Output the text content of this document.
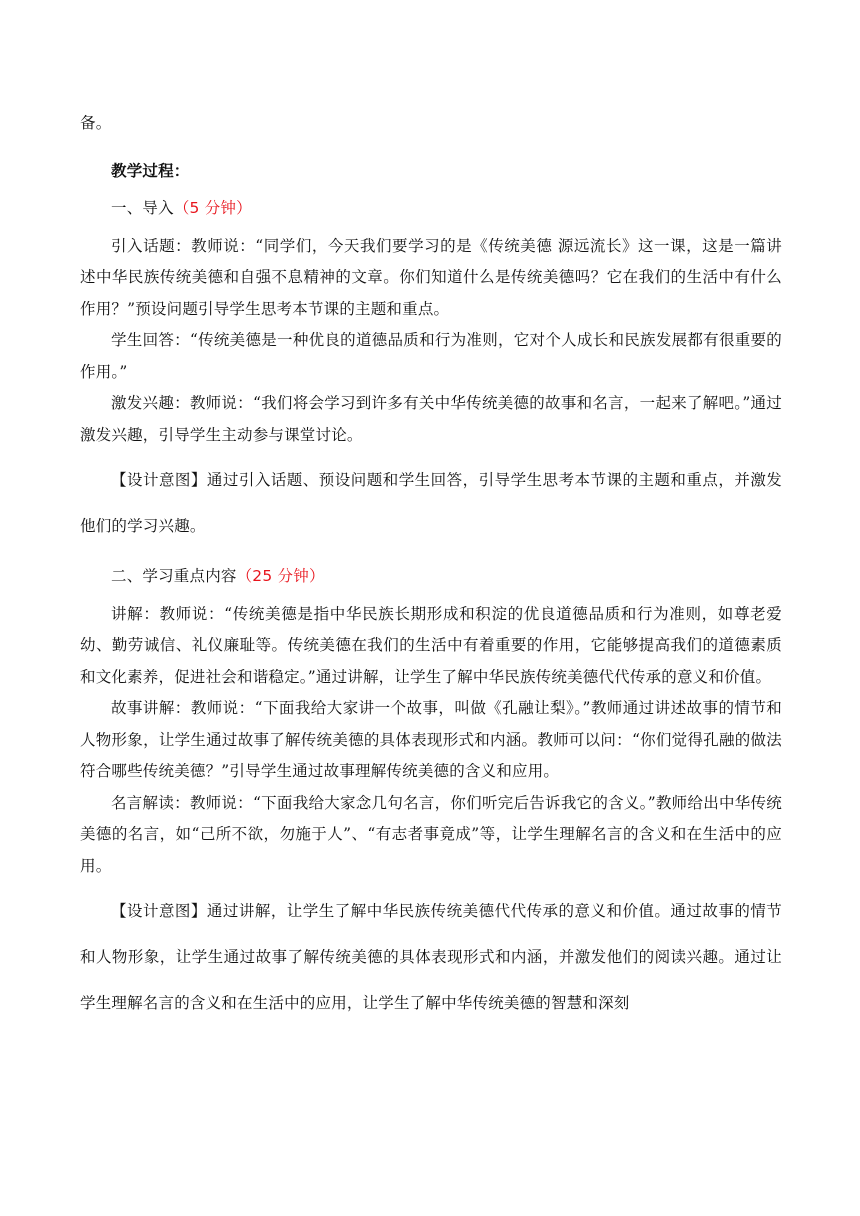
备。

教学过程：

一、导入（5 分钟）

引入话题：教师说：“同学们，今天我们要学习的是《传统美德 源远流长》这一课，这是一篇讲述中华民族传统美德和自强不息精神的文章。你们知道什么是传统美德吗？它在我们的生活中有什么作用？”预设问题引导学生思考本节课的主题和重点。

学生回答：“传统美德是一种优良的道德品质和行为准则，它对个人成长和民族发展都有很重要的作用。”

激发兴趣：教师说：“我们将会学习到许多有关中华传统美德的故事和名言，一起来了解吧。”通过激发兴趣，引导学生主动参与课堂讨论。

【设计意图】通过引入话题、预设问题和学生回答，引导学生思考本节课的主题和重点，并激发他们的学习兴趣。

二、学习重点内容（25 分钟）

讲解：教师说：“传统美德是指中华民族长期形成和积淀的优良道德品质和行为准则，如尊老爱幼、勤劳诚信、礼仪廉耻等。传统美德在我们的生活中有着重要的作用，它能够提高我们的道德素质和文化素养，促进社会和谐稳定。”通过讲解，让学生了解中华民族传统美德代代传承的意义和价值。

故事讲解：教师说：“下面我给大家讲一个故事，叫做《孔融让梨》。”教师通过讲述故事的情节和人物形象，让学生通过故事了解传统美德的具体表现形式和内涵。教师可以问：“你们觉得孔融的做法符合哪些传统美德？”引导学生通过故事理解传统美德的含义和应用。

名言解读：教师说：“下面我给大家念几句名言，你们听完后告诉我它的含义。”教师给出中华传统美德的名言，如“己所不欲，勿施于人”、“有志者事竟成”等，让学生理解名言的含义和在生活中的应用。

【设计意图】通过讲解，让学生了解中华民族传统美德代代传承的意义和价值。通过故事的情节和人物形象，让学生通过故事了解传统美德的具体表现形式和内涵，并激发他们的阅读兴趣。通过让学生理解名言的含义和在生活中的应用，让学生了解中华传统美德的智慧和深刻
